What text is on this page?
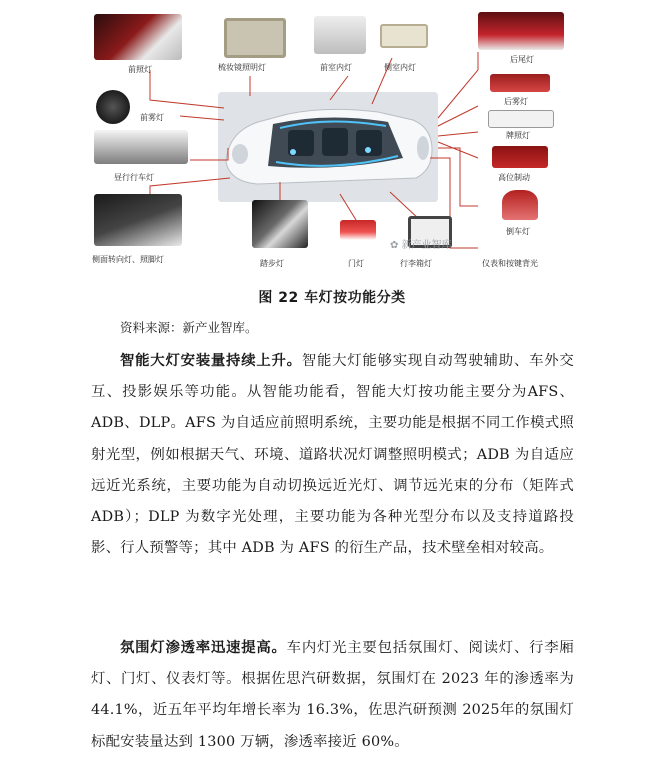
前照灯	梳妆镜照明灯	前室内灯	侧室内灯
后尾灯
后雾灯
牌照灯
高位制动
前雾灯
昼行行车灯
倒车灯
侧面转向灯、照脚灯	踏步灯	门灯	行李箱灯	仪表和按键背光
✿ 新产业智库
图 22 车灯按功能分类
资料来源：新产业智库。
智能大灯安装量持续上升。智能大灯能够实现自动驾驶辅助、车外交互、投影娱乐等功能。从智能功能看，智能大灯按功能主要分为AFS、ADB、DLP。AFS 为自适应前照明系统，主要功能是根据不同工作模式照射光型，例如根据天气、环境、道路状况灯调整照明模式；ADB 为自适应远近光系统，主要功能为自动切换远近光灯、调节远光束的分布（矩阵式 ADB）；DLP 为数字光处理，主要功能为各种光型分布以及支持道路投影、行人预警等；其中 ADB 为 AFS 的衍生产品，技术壁垒相对较高。
氛围灯渗透率迅速提高。车内灯光主要包括氛围灯、阅读灯、行李厢灯、门灯、仪表灯等。根据佐思汽研数据，氛围灯在 2023 年的渗透率为 44.1%，近五年平均年增长率为 16.3%，佐思汽研预测 2025年的氛围灯标配安装量达到 1300 万辆，渗透率接近 60%。
